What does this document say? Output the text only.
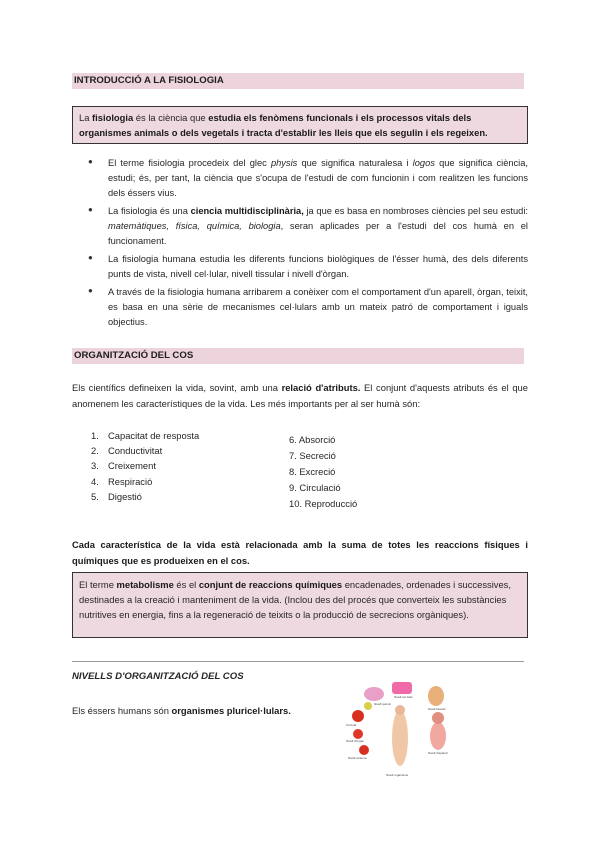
INTRODUCCIÓ A LA FISIOLOGIA
La fisiologia és la ciència que estudia els fenòmens funcionals i els processos vitals dels organismes animals o dels vegetals i tracta d'establir les lleis que els segulin i els regeixen.
● El terme fisiologia procedeix del glec physis que significa naturalesa i logos que significa ciència, estudi; és, per tant, la ciència que s'ocupa de l'estudi de com funcionin i com realitzen les funcions dels éssers vius.
● La fisiologia és una ciencia multidisciplinària, ja que es basa en nombroses ciències pel seu estudi: matemàtiques, física, química, biologia, seran aplicades per a l'estudi del cos humà en el funcionament.
● La fisiologia humana estudia les diferents funcions biològiques de l'ésser humà, des dels diferents punts de vista, nivell cel·lular, nivell tissular i nivell d'òrgan.
● A través de la fisiologia humana arribarem a conèixer com el comportament d'un aparell, òrgan, teixit, es basa en una sèrie de mecanismes cel·lulars amb un mateix patró de comportament i iguals objectius.
ORGANITZACIÓ DEL COS
Els científics defineixen la vida, sovint, amb una relació d'atributs. El conjunt d'aquests atributs és el que anomenem les característiques de la vida. Les més importants per al ser humà són:
1. Capacitat de resposta
2. Conductivitat
3. Creixement
4. Respiració
5. Digestió
6. Absorció
7. Secreció
8. Excreció
9. Circulació
10. Reproducció
Cada característica de la vida està relacionada amb la suma de totes les reaccions físiques i químiques que es produeixen en el cos.
El terme metabolisme és el conjunt de reaccions químiques encadenades, ordenades i successives, destinades a la creació i manteniment de la vida. (Inclou des del procés que converteix les substàncies nutritives en energia, fins a la regeneració de teixits o la producció de secrecions orgàniques).
NIVELLS D'ORGANITZACIÓ DEL COS
Els éssers humans són organismes pluricel·lulars.
Nivell químic
Nivell cel·lular
Nivell tissular
Cèl·lula
Nivell d'òrgan
Nivell sistema
Nivell d'aparell
Nivell organisme
